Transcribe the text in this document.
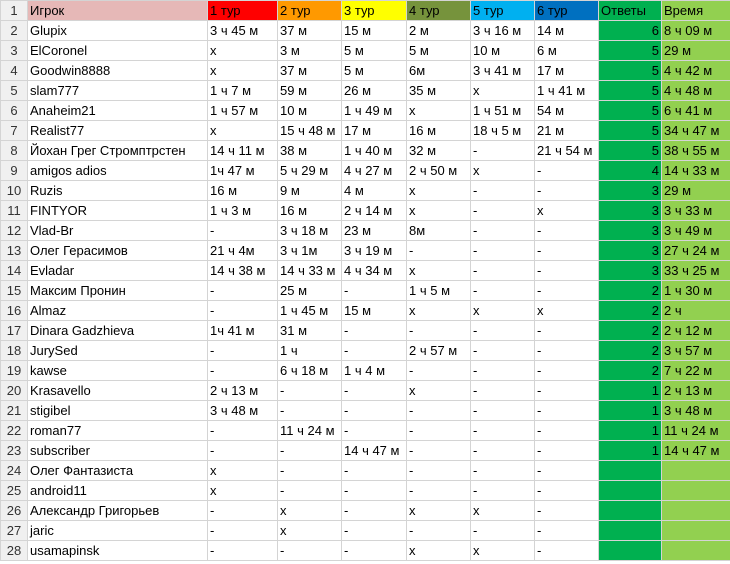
1	Игрок	1 тур	2 тур	3 тур	4 тур	5 тур	6 тур	Ответы	Время
2	Glupix	3 ч 45 м	37 м	15 м	2 м	3 ч 16 м	14 м	6	8 ч 09 м
3	ElCoronel	x	3 м	5 м	5 м	10 м	6 м	5	29 м
4	Goodwin8888	x	37 м	5 м	6м	3 ч 41 м	17 м	5	4 ч 42 м
5	slam777	1 ч 7 м	59 м	26 м	35 м	x	1 ч 41 м	5	4 ч 48 м
6	Anaheim21	1 ч 57 м	10 м	1 ч 49 м	x	1 ч 51 м	54 м	5	6 ч 41 м
7	Realist77	x	15 ч 48 м	17 м	16 м	18 ч 5 м	21 м	5	34 ч 47 м
8	Йохан Грег Стромптрстен	14 ч 11 м	38 м	1 ч 40 м	32 м	-	21 ч 54 м	5	38 ч 55 м
9	amigos adios	1ч 47 м	5 ч 29 м	4 ч 27 м	2 ч 50 м	x	-	4	14 ч 33 м
10	Ruzis	16 м	9 м	4 м	x	-	-	3	29 м
11	FINTYOR	1 ч 3 м	16 м	2 ч 14 м	x	-	x	3	3 ч 33 м
12	Vlad-Br	-	3 ч 18 м	23 м	8м	-	-	3	3 ч 49 м
13	Олег Герасимов	21 ч 4м	3 ч 1м	3 ч 19 м	-	-	-	3	27 ч 24 м
14	Evladar	14 ч 38 м	14 ч 33 м	4 ч 34 м	x	-	-	3	33 ч 25 м
15	Максим Пронин	-	25 м	-	1 ч 5 м	-	-	2	1 ч 30 м
16	Almaz	-	1 ч 45 м	15 м	x	x	x	2	2 ч
17	Dinara Gadzhieva	1ч 41 м	31 м	-	-	-	-	2	2 ч 12 м
18	JurySed	-	1 ч	-	2 ч 57 м	-	-	2	3 ч 57 м
19	kawse	-	6 ч 18 м	1 ч 4 м	-	-	-	2	7 ч 22 м
20	Krasavello	2 ч 13 м	-	-	x	-	-	1	2 ч 13 м
21	stigibel	3 ч 48 м	-	-	-	-	-	1	3 ч 48 м
22	roman77	-	11 ч 24 м	-	-	-	-	1	11 ч 24 м
23	subscriber	-	-	14 ч 47 м	-	-	-	1	14 ч 47 м
24	Олег Фантазиста	x	-	-	-	-	-		
25	android11	x	-	-	-	-	-		
26	Александр Григорьев	-	x	-	x	x	-		
27	jaric	-	x	-	-	-	-		
28	usamapinsk	-	-	-	x	x	-		
